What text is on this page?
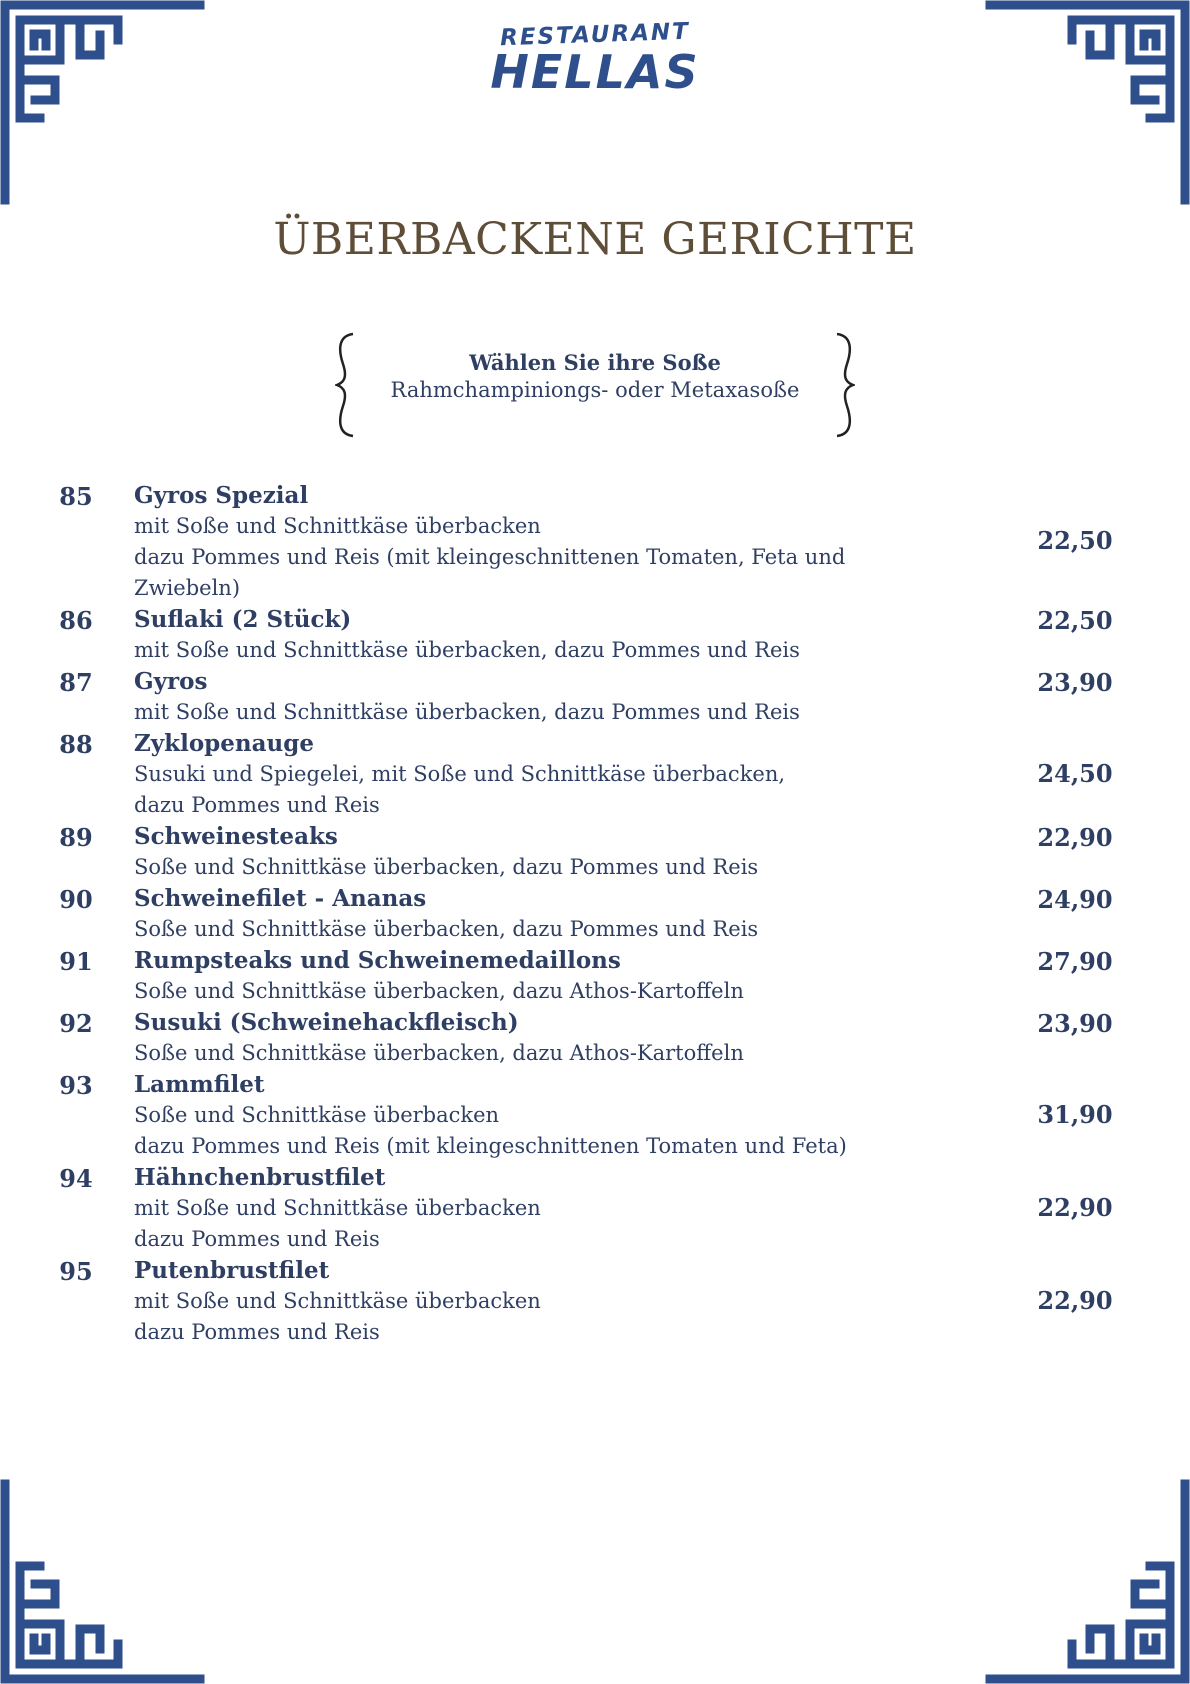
RESTAURANT
HELLAS
ÜBERBACKENE GERICHTE
Wählen Sie ihre Soße
Rahmchampiniongs- oder Metaxasoße
85 Gyros Spezial
mit Soße und Schnittkäse überbacken
dazu Pommes und Reis (mit kleingeschnittenen Tomaten, Feta und
Zwiebeln)
22,50
86 Suflaki (2 Stück)
mit Soße und Schnittkäse überbacken, dazu Pommes und Reis
22,50
87 Gyros
mit Soße und Schnittkäse überbacken, dazu Pommes und Reis
23,90
88 Zyklopenauge
Susuki und Spiegelei, mit Soße und Schnittkäse überbacken,
dazu Pommes und Reis
24,50
89 Schweinesteaks
Soße und Schnittkäse überbacken, dazu Pommes und Reis
22,90
90 Schweinefilet - Ananas
Soße und Schnittkäse überbacken, dazu Pommes und Reis
24,90
91 Rumpsteaks und Schweinemedaillons
Soße und Schnittkäse überbacken, dazu Athos-Kartoffeln
27,90
92 Susuki (Schweinehackfleisch)
Soße und Schnittkäse überbacken, dazu Athos-Kartoffeln
23,90
93 Lammfilet
Soße und Schnittkäse überbacken
dazu Pommes und Reis (mit kleingeschnittenen Tomaten und Feta)
31,90
94 Hähnchenbrustfilet
mit Soße und Schnittkäse überbacken
dazu Pommes und Reis
22,90
95 Putenbrustfilet
mit Soße und Schnittkäse überbacken
dazu Pommes und Reis
22,90
